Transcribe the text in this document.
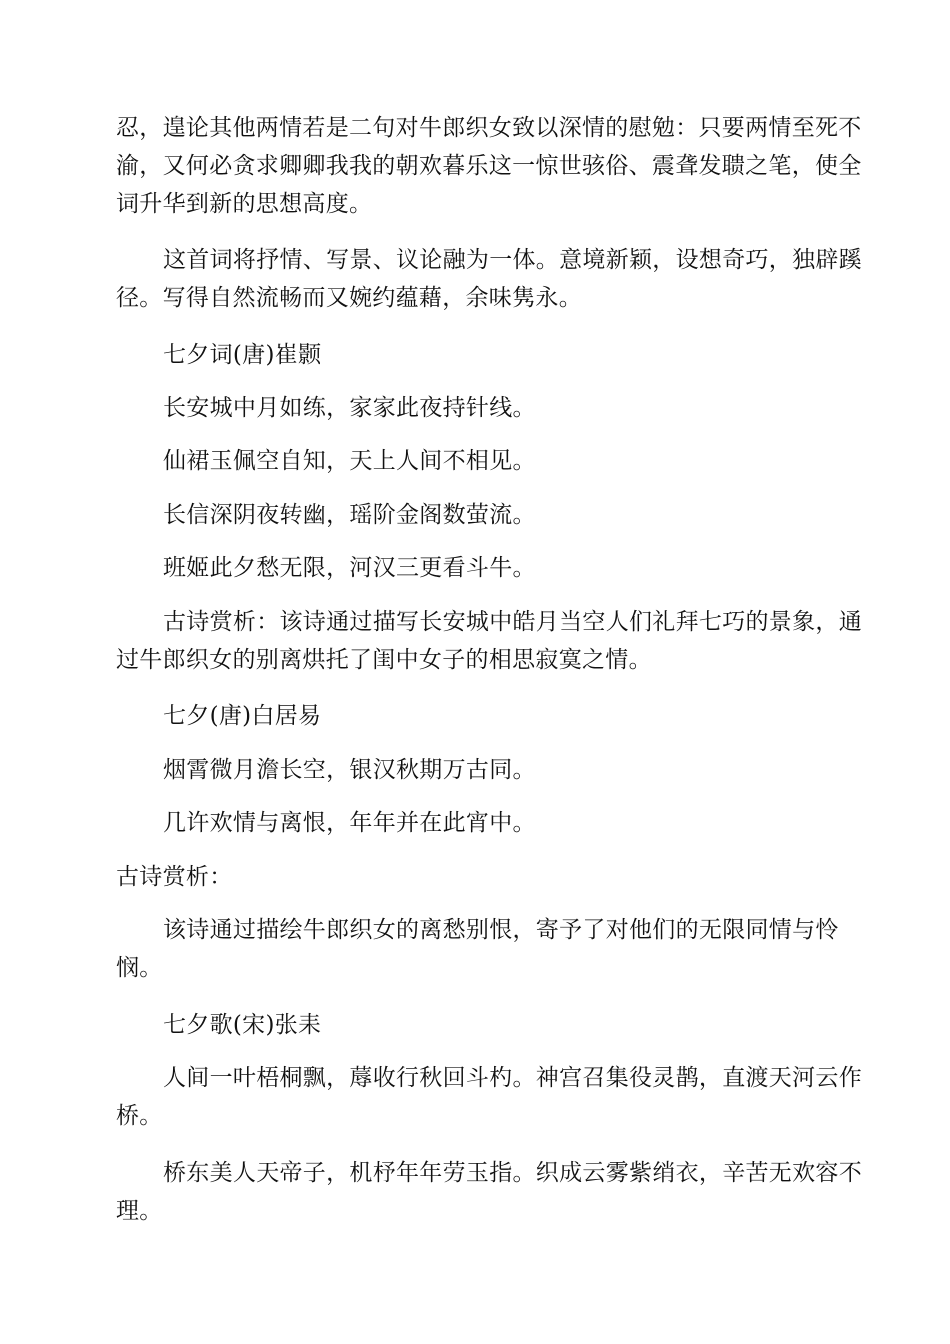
忍，遑论其他两情若是二句对牛郎织女致以深情的慰勉：只要两情至死不
渝，又何必贪求卿卿我我的朝欢暮乐这一惊世骇俗、震聋发聩之笔，使全
词升华到新的思想高度。
这首词将抒情、写景、议论融为一体。意境新颖，设想奇巧，独辟蹊
径。写得自然流畅而又婉约蕴藉，余味隽永。
七夕词(唐)崔颢
长安城中月如练，家家此夜持针线。
仙裙玉佩空自知，天上人间不相见。
长信深阴夜转幽，瑶阶金阁数萤流。
班姬此夕愁无限，河汉三更看斗牛。
古诗赏析：该诗通过描写长安城中皓月当空人们礼拜七巧的景象，通
过牛郎织女的别离烘托了闺中女子的相思寂寞之情。
七夕(唐)白居易
烟霄微月澹长空，银汉秋期万古同。
几许欢情与离恨，年年并在此宵中。
古诗赏析：
该诗通过描绘牛郎织女的离愁别恨，寄予了对他们的无限同情与怜
悯。
七夕歌(宋)张耒
人间一叶梧桐飘，蓐收行秋回斗杓。神宫召集役灵鹊，直渡天河云作
桥。
桥东美人天帝子，机杼年年劳玉指。织成云雾紫绡衣，辛苦无欢容不
理。
